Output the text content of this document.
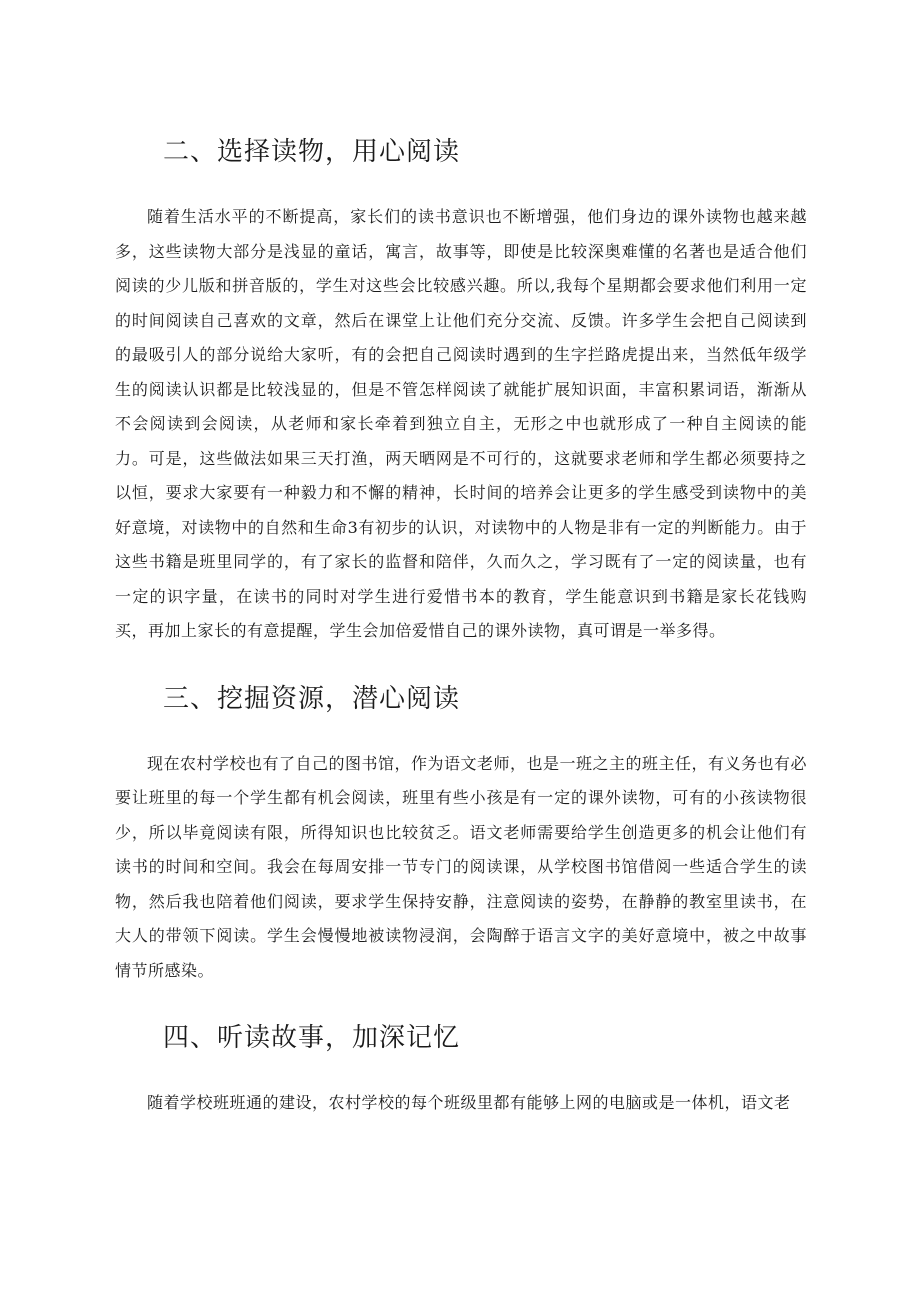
二、选择读物，用心阅读

随着生活水平的不断提高，家长们的读书意识也不断增强，他们身边的课外读物也越来越多，这些读物大部分是浅显的童话，寓言，故事等，即使是比较深奥难懂的名著也是适合他们阅读的少儿版和拼音版的，学生对这些会比较感兴趣。所以,我每个星期都会要求他们利用一定的时间阅读自己喜欢的文章，然后在课堂上让他们充分交流、反馈。许多学生会把自己阅读到的最吸引人的部分说给大家听，有的会把自己阅读时遇到的生字拦路虎提出来，当然低年级学生的阅读认识都是比较浅显的，但是不管怎样阅读了就能扩展知识面，丰富积累词语，渐渐从不会阅读到会阅读，从老师和家长牵着到独立自主，无形之中也就形成了一种自主阅读的能力。可是，这些做法如果三天打渔，两天晒网是不可行的，这就要求老师和学生都必须要持之以恒，要求大家要有一种毅力和不懈的精神，长时间的培养会让更多的学生感受到读物中的美好意境，对读物中的自然和生命3有初步的认识，对读物中的人物是非有一定的判断能力。由于这些书籍是班里同学的，有了家长的监督和陪伴，久而久之，学习既有了一定的阅读量，也有一定的识字量，在读书的同时对学生进行爱惜书本的教育，学生能意识到书籍是家长花钱购买，再加上家长的有意提醒，学生会加倍爱惜自己的课外读物，真可谓是一举多得。

三、挖掘资源，潜心阅读

现在农村学校也有了自己的图书馆，作为语文老师，也是一班之主的班主任，有义务也有必要让班里的每一个学生都有机会阅读，班里有些小孩是有一定的课外读物，可有的小孩读物很少，所以毕竟阅读有限，所得知识也比较贫乏。语文老师需要给学生创造更多的机会让他们有读书的时间和空间。我会在每周安排一节专门的阅读课，从学校图书馆借阅一些适合学生的读物，然后我也陪着他们阅读，要求学生保持安静，注意阅读的姿势，在静静的教室里读书，在大人的带领下阅读。学生会慢慢地被读物浸润，会陶醉于语言文字的美好意境中，被之中故事情节所感染。

四、听读故事，加深记忆

随着学校班班通的建设，农村学校的每个班级里都有能够上网的电脑或是一体机，语文老
